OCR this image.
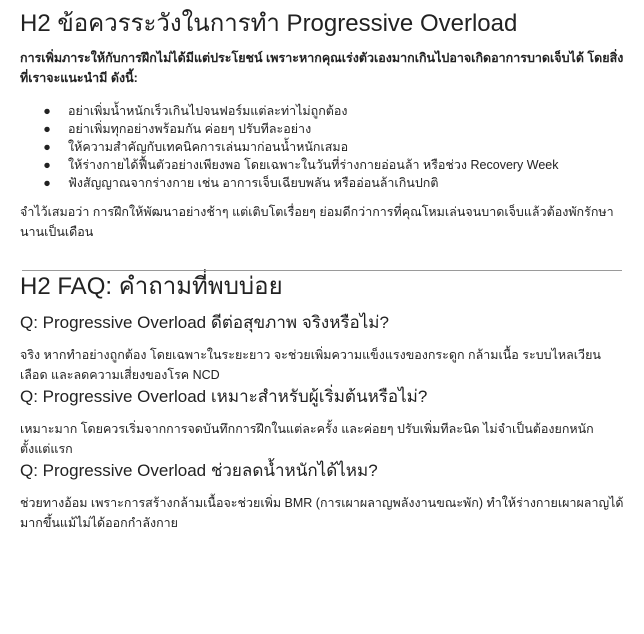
H2 ข้อควรระวังในการทำ Progressive Overload

การเพิ่มภาระให้กับการฝึกไม่ได้มีแต่ประโยชน์ เพราะหากคุณเร่งตัวเองมากเกินไปอาจเกิดอาการบาดเจ็บได้ โดยสิ่งที่เราจะแนะนำมี ดังนี้:

● อย่าเพิ่มน้ำหนักเร็วเกินไปจนฟอร์มแต่ละท่าไม่ถูกต้อง
● อย่าเพิ่มทุกอย่างพร้อมกัน ค่อยๆ ปรับทีละอย่าง
● ให้ความสำคัญกับเทคนิคการเล่นมาก่อนน้ำหนักเสมอ
● ให้ร่างกายได้ฟื้นตัวอย่างเพียงพอ โดยเฉพาะในวันที่ร่างกายอ่อนล้า หรือช่วง Recovery Week
● ฟังสัญญาณจากร่างกาย เช่น อาการเจ็บเฉียบพลัน หรืออ่อนล้าเกินปกติ

จำไว้เสมอว่า การฝึกให้พัฒนาอย่างช้าๆ แต่เติบโตเรื่อยๆ ย่อมดีกว่าการที่คุณโหมเล่นจนบาดเจ็บแล้วต้องพักรักษานานเป็นเดือน

H2 FAQ: คำถามที่พบบ่อย
Q: Progressive Overload ดีต่อสุขภาพ จริงหรือไม่?

จริง หากทำอย่างถูกต้อง โดยเฉพาะในระยะยาว จะช่วยเพิ่มความแข็งแรงของกระดูก กล้ามเนื้อ ระบบไหลเวียนเลือด และลดความเสี่ยงของโรค NCD

Q: Progressive Overload เหมาะสำหรับผู้เริ่มต้นหรือไม่?

เหมาะมาก โดยควรเริ่มจากการจดบันทึกการฝึกในแต่ละครั้ง และค่อยๆ ปรับเพิ่มทีละนิด ไม่จำเป็นต้องยกหนักตั้งแต่แรก

Q: Progressive Overload ช่วยลดน้ำหนักได้ไหม?

ช่วยทางอ้อม เพราะการสร้างกล้ามเนื้อจะช่วยเพิ่ม BMR (การเผาผลาญพลังงานขณะพัก) ทำให้ร่างกายเผาผลาญได้มากขึ้นแม้ไม่ได้ออกกำลังกาย
